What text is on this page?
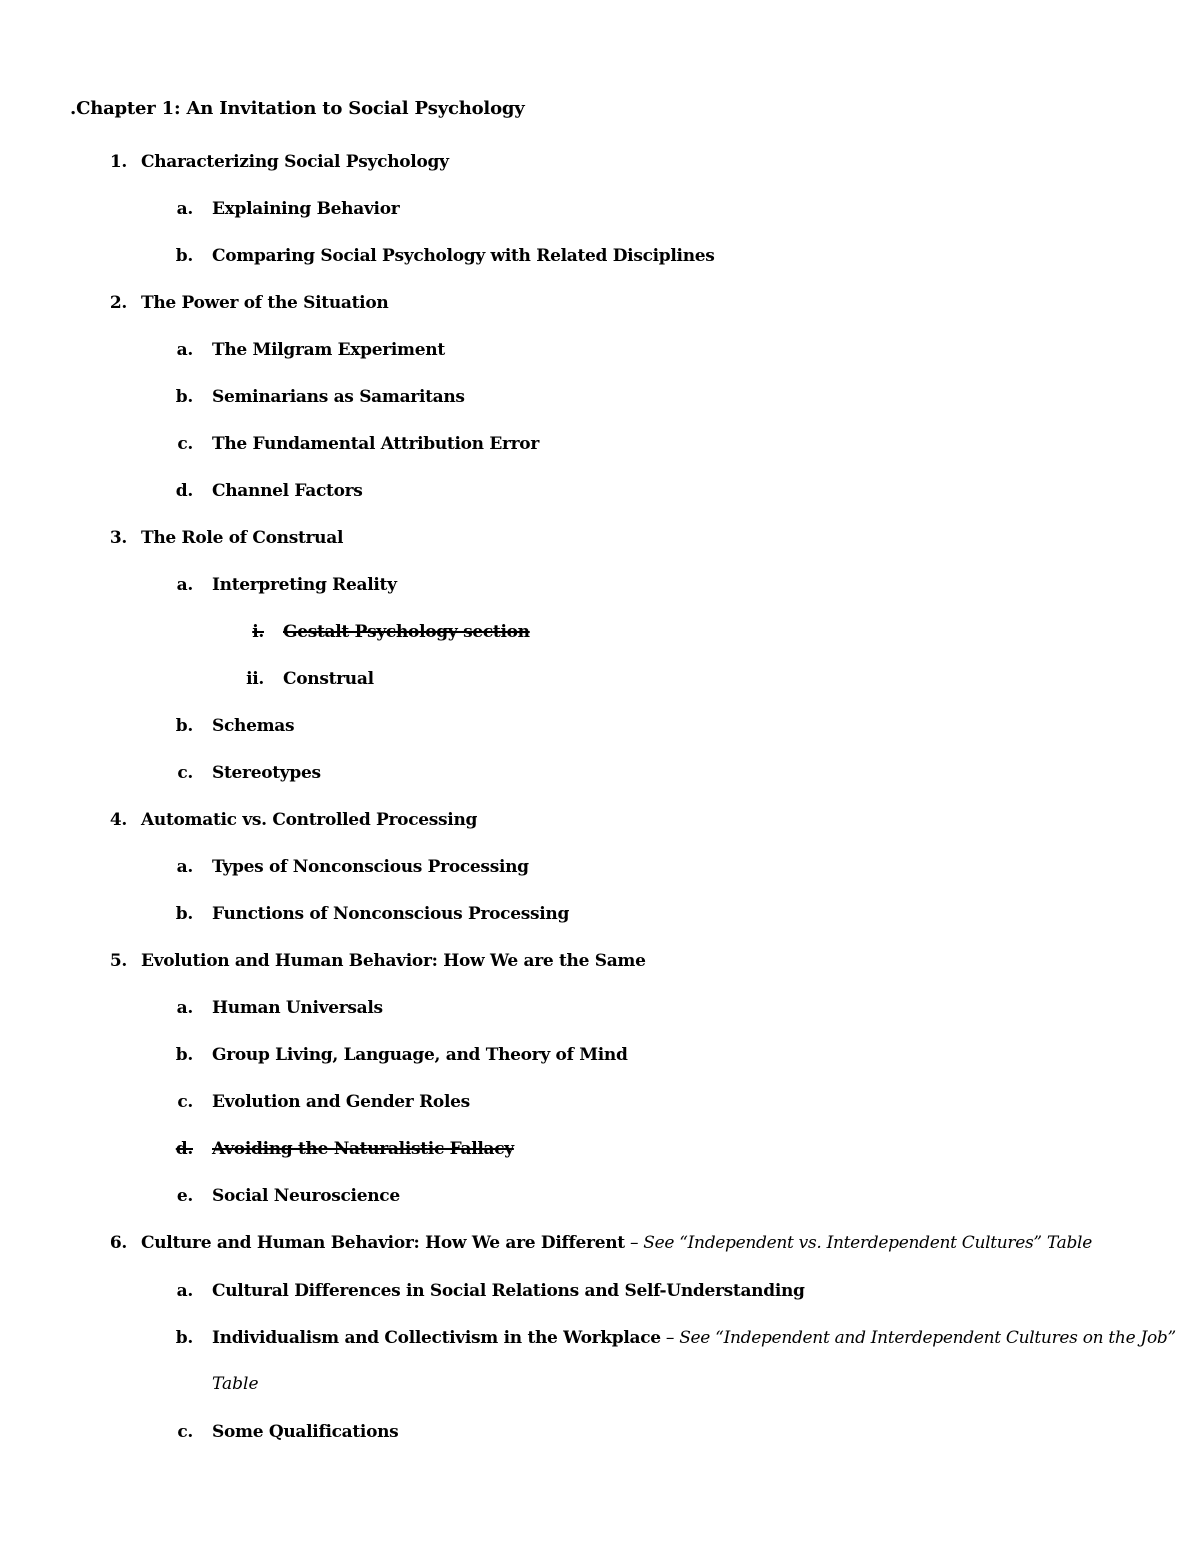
.Chapter 1: An Invitation to Social Psychology
1. Characterizing Social Psychology
a. Explaining Behavior
b. Comparing Social Psychology with Related Disciplines
2. The Power of the Situation
a. The Milgram Experiment
b. Seminarians as Samaritans
c. The Fundamental Attribution Error
d. Channel Factors
3. The Role of Construal
a. Interpreting Reality
i. Gestalt Psychology section
ii. Construal
b. Schemas
c. Stereotypes
4. Automatic vs. Controlled Processing
a. Types of Nonconscious Processing
b. Functions of Nonconscious Processing
5. Evolution and Human Behavior: How We are the Same
a. Human Universals
b. Group Living, Language, and Theory of Mind
c. Evolution and Gender Roles
d. Avoiding the Naturalistic Fallacy
e. Social Neuroscience
6. Culture and Human Behavior: How We are Different – See “Independent vs. Interdependent Cultures” Table
a. Cultural Differences in Social Relations and Self-Understanding
b. Individualism and Collectivism in the Workplace – See “Independent and Interdependent Cultures on the Job”
Table
c. Some Qualifications
